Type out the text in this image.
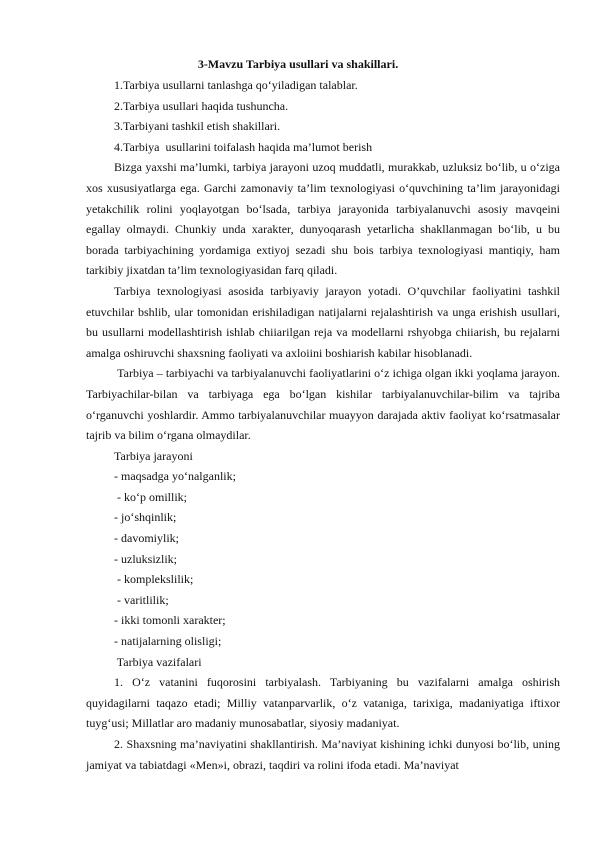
3-Mavzu Tarbiya usullari va shakillari.

1.Tarbiya usullarni tanlashga qo‘yiladigan talablar.

2.Tarbiya usullari haqida tushuncha.

3.Tarbiyani tashkil etish shakillari.

4.Tarbiya  usullarini toifalash haqida ma’lumot berish

Bizga yaxshi ma’lumki, tarbiya jarayoni uzoq muddatli, murakkab, uzluksiz bo‘lib, u o‘ziga xos xususiyatlarga ega. Garchi zamonaviy ta’lim texnologiyasi o‘quvchining ta’lim jarayonidagi yetakchilik rolini yoqlayotgan bo‘lsada, tarbiya jarayonida tarbiyalanuvchi asosiy mavqeini egallay olmaydi. Chunkiy unda xarakter, dunyoqarash yetarlicha shakllanmagan bo‘lib, u bu borada tarbiyachining yordamiga extiyoj sezadi shu bois tarbiya texnologiyasi mantiqiy, ham tarkibiy jixatdan ta’lim texnologiyasidan farq qiladi.

Tarbiya texnologiyasi asosida tarbiyaviy jarayon yotadi. O’quvchilar faoliyatini tashkil etuvchilar bshlib, ular tomonidan erishiladigan natijalarni rejalashtirish va unga erishish usullari, bu usullarni modellashtirish ishlab chiiarilgan reja va modellarni rshyobga chiiarish, bu rejalarni amalga oshiruvchi shaxsning faoliyati va axloiini boshiarish kabilar hisoblanadi.

Tarbiya – tarbiyachi va tarbiyalanuvchi faoliyatlarini o‘z ichiga olgan ikki yoqlama jarayon. Tarbiyachilar-bilan va tarbiyaga ega bo‘lgan kishilar tarbiyalanuvchilar-bilim va tajriba o‘rganuvchi yoshlardir. Ammo tarbiyalanuvchilar muayyon darajada aktiv faoliyat ko‘rsatmasalar tajrib va bilim o‘rgana olmaydilar.

Tarbiya jarayoni

- maqsadga yo‘nalganlik;

- ko‘p omillik;

- jo‘shqinlik;

- davomiylik;

- uzluksizlik;

- komplekslilik;

- varitlilik;

- ikki tomonli xarakter;

- natijalarning olisligi;

Tarbiya vazifalari

1. O‘z vatanini fuqorosini tarbiyalash. Tarbiyaning bu vazifalarni amalga oshirish quyidagilarni taqazo etadi; Milliy vatanparvarlik, o‘z vataniga, tarixiga, madaniyatiga iftixor tuyg‘usi; Millatlar aro madaniy munosabatlar, siyosiy madaniyat.

2. Shaxsning ma’naviyatini shakllantirish. Ma’naviyat kishining ichki dunyosi bo‘lib, uning jamiyat va tabiatdagi «Men»i, obrazi, taqdiri va rolini ifoda etadi. Ma’naviyat
